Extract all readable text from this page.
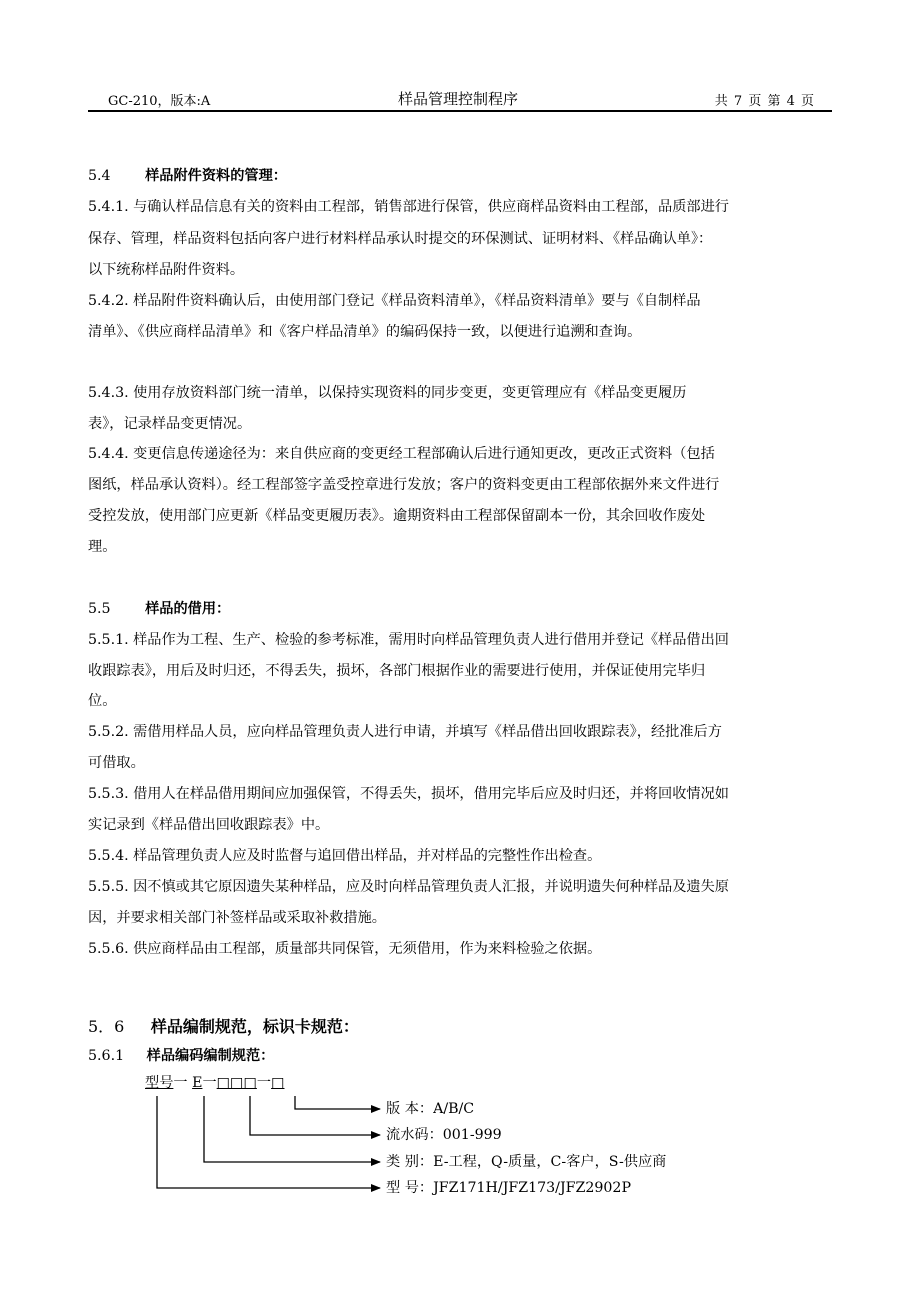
GC-210，版本:A	样品管理控制程序	共 7 页 第 4 页
5.4 样品附件资料的管理：
5.4.1. 与确认样品信息有关的资料由工程部，销售部进行保管，供应商样品资料由工程部，品质部进行
保存、管理，样品资料包括向客户进行材料样品承认时提交的环保测试、证明材料、《样品确认单》：
以下统称样品附件资料。
5.4.2. 样品附件资料确认后，由使用部门登记《样品资料清单》，《样品资料清单》要与《自制样品
清单》、《供应商样品清单》和《客户样品清单》的编码保持一致，以便进行追溯和查询。
5.4.3. 使用存放资料部门统一清单，以保持实现资料的同步变更，变更管理应有《样品变更履历
表》，记录样品变更情况。
5.4.4. 变更信息传递途径为：来自供应商的变更经工程部确认后进行通知更改，更改正式资料（包括
图纸，样品承认资料）。经工程部签字盖受控章进行发放；客户的资料变更由工程部依据外来文件进行
受控发放，使用部门应更新《样品变更履历表》。逾期资料由工程部保留副本一份，其余回收作废处
理。
5.5 样品的借用：
5.5.1. 样品作为工程、生产、检验的参考标准，需用时向样品管理负责人进行借用并登记《样品借出回
收跟踪表》，用后及时归还，不得丢失，损坏，各部门根据作业的需要进行使用，并保证使用完毕归
位。
5.5.2. 需借用样品人员，应向样品管理负责人进行申请，并填写《样品借出回收跟踪表》，经批准后方
可借取。
5.5.3. 借用人在样品借用期间应加强保管，不得丢失，损坏，借用完毕后应及时归还，并将回收情况如
实记录到《样品借出回收跟踪表》中。
5.5.4. 样品管理负责人应及时监督与追回借出样品，并对样品的完整性作出检查。
5.5.5. 因不慎或其它原因遗失某种样品，应及时向样品管理负责人汇报，并说明遗失何种样品及遗失原
因，并要求相关部门补签样品或采取补救措施。
5.5.6. 供应商样品由工程部，质量部共同保管，无须借用，作为来料检验之依据。
5．6 样品编制规范，标识卡规范：
5.6.1 样品编码编制规范：
型号一 E一□□□一□
版 本：A/B/C
流水码：001-999
类 别：E-工程，Q-质量，C-客户，S-供应商
型 号：JFZ171H/JFZ173/JFZ2902P
